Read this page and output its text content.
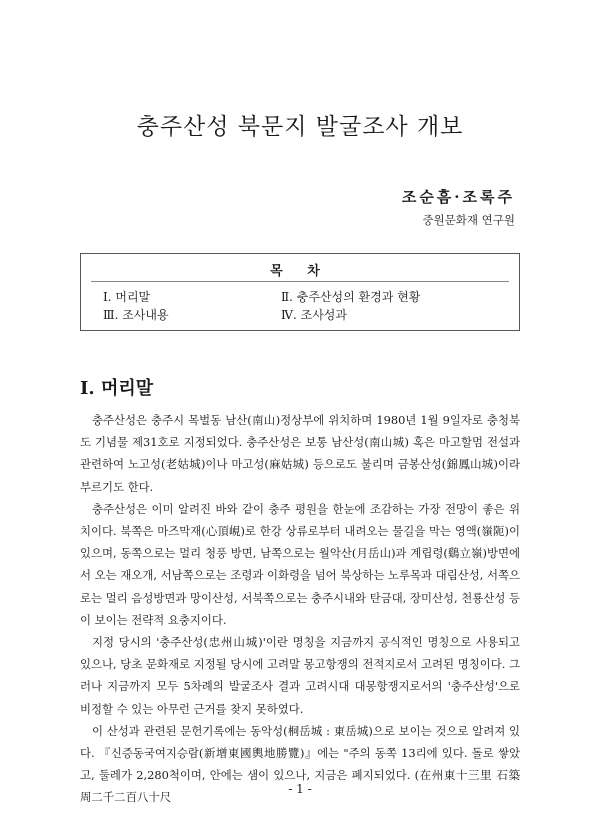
충주산성 북문지 발굴조사 개보
조순흠·조록주
중원문화재 연구원
목 차
Ⅰ. 머리말	Ⅱ. 충주산성의 환경과 현황
Ⅲ. 조사내용	Ⅳ. 조사성과
Ⅰ. 머리말

충주산성은 충주시 목벌동 남산(南山)정상부에 위치하며 1980년 1월 9일자로 충청북도 기념물 제31호로 지정되었다. 충주산성은 보통 남산성(南山城) 혹은 마고할멈 전설과 관련하여 노고성(老姑城)이나 마고성(麻姑城) 등으로도 불리며 금봉산성(錦鳳山城)이라 부르기도 한다.

충주산성은 이미 알려진 바와 같이 충주 평원을 한눈에 조감하는 가장 전망이 좋은 위치이다. 북쪽은 마즈막재(心頂峴)로 한강 상류로부터 내려오는 물길을 막는 영액(嶺阨)이 있으며, 동쪽으로는 멀리 청풍 방면, 남쪽으로는 월악산(月岳山)과 계립령(鷄立嶺)방면에서 오는 재오개, 서남쪽으로는 조령과 이화령을 넘어 북상하는 노루목과 대림산성, 서쪽으로는 멀리 음성방면과 망이산성, 서북쪽으로는 충주시내와 탄금대, 장미산성, 천룡산성 등이 보이는 전략적 요충지이다.

지정 당시의 '충주산성(忠州山城)'이란 명칭을 지금까지 공식적인 명칭으로 사용되고 있으나, 당초 문화재로 지정될 당시에 고려말 몽고항쟁의 전적지로서 고려된 명칭이다. 그러나 지금까지 모두 5차례의 발굴조사 결과 고려시대 대몽항쟁지로서의 '충주산성'으로 비정할 수 있는 아무런 근거를 찾지 못하였다.

이 산성과 관련된 문헌기록에는 동악성(桐岳城 : 東岳城)으로 보이는 것으로 알려져 있다. 『신증동국여지승람(新增東國輿地勝覽)』에는 "주의 동쪽 13리에 있다. 돌로 쌓았고, 둘레가 2,280척이며, 안에는 샘이 있으나, 지금은 폐지되었다. (在州東十三里 石築 周二千二百八十尺

- 1 -
